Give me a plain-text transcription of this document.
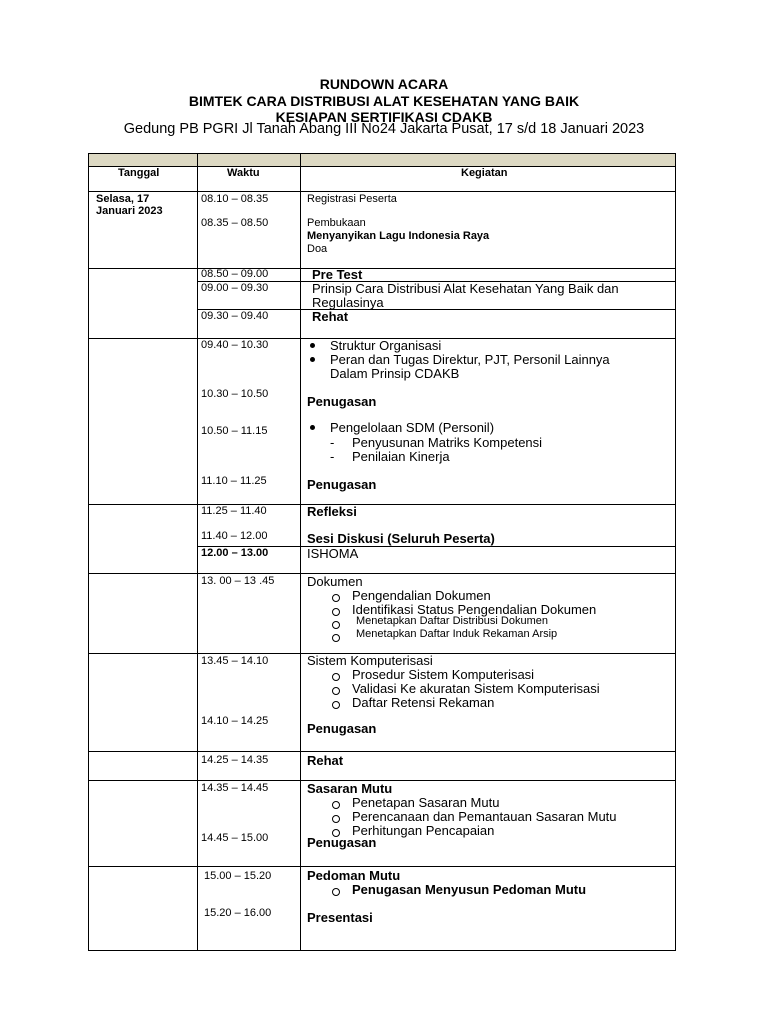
RUNDOWN ACARA
BIMTEK CARA DISTRIBUSI ALAT KESEHATAN YANG BAIK
KESIAPAN SERTIFIKASI CDAKB
Gedung PB PGRI Jl Tanah Abang III No24 Jakarta Pusat, 17 s/d 18 Januari 2023
Tanggal	Waktu	Kegiatan
Selasa, 17
Januari 2023
08.10 – 08.35
08.35 – 08.50
08.50 – 09.00
09.00 – 09.30
09.30 – 09.40
09.40 – 10.30
10.30 – 10.50
10.50 – 11.15
11.10 – 11.25
11.25 – 11.40
11.40 – 12.00
12.00 – 13.00
13. 00 – 13 .45
13.45 – 14.10
14.10 – 14.25
14.25 – 14.35
14.35 – 14.45
14.45 – 15.00
15.00 – 15.20
15.20 – 16.00
Registrasi Peserta
Pembukaan
Menyanyikan Lagu Indonesia Raya
Doa
Pre Test
Prinsip Cara Distribusi Alat Kesehatan Yang Baik dan
Regulasinya
Rehat
Struktur Organisasi
Peran dan Tugas Direktur, PJT, Personil Lainnya
Dalam Prinsip CDAKB
Penugasan
Pengelolaan SDM (Personil)
- Penyusunan Matriks Kompetensi
- Penilaian Kinerja
Penugasan
Refleksi
Sesi Diskusi (Seluruh Peserta)
ISHOMA
Dokumen
Pengendalian Dokumen
Identifikasi Status Pengendalian Dokumen
Menetapkan Daftar Distribusi Dokumen
Menetapkan Daftar Induk Rekaman Arsip
Sistem Komputerisasi
Prosedur Sistem Komputerisasi
Validasi Ke akuratan Sistem Komputerisasi
Daftar Retensi Rekaman
Penugasan
Rehat
Sasaran Mutu
Penetapan Sasaran Mutu
Perencanaan dan Pemantauan Sasaran Mutu
Perhitungan Pencapaian
Penugasan
Pedoman Mutu
Penugasan Menyusun Pedoman Mutu
Presentasi
